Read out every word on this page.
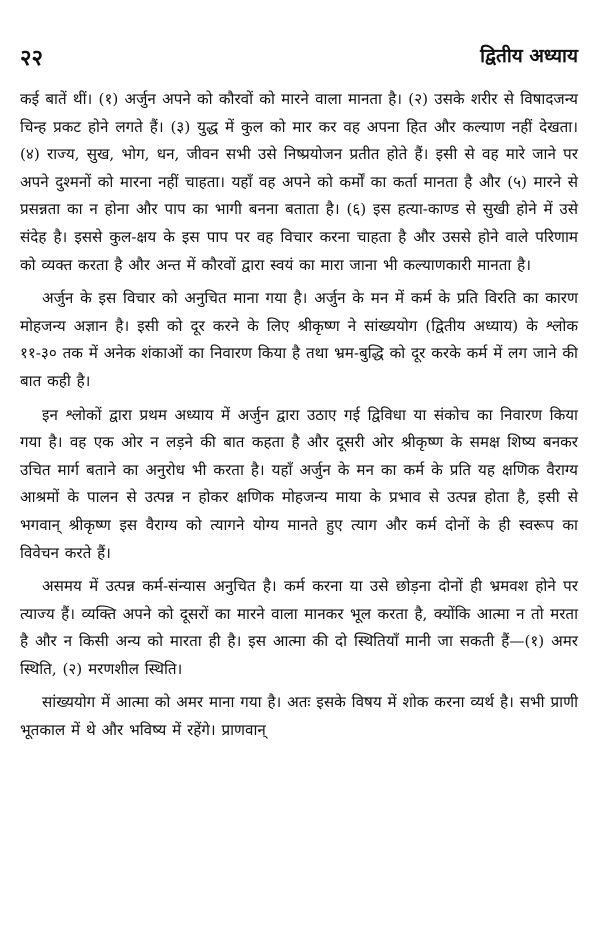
२२	द्वितीय अध्याय

कई बातें थीं। (१) अर्जुन अपने को कौरवों को मारने वाला मानता है। (२) उसके शरीर से विषादजन्य चिन्ह प्रकट होने लगते हैं। (३) युद्ध में कुल को मार कर वह अपना हित और कल्याण नहीं देखता। (४) राज्य, सुख, भोग, धन, जीवन सभी उसे निष्प्रयोजन प्रतीत होते हैं। इसी से वह मारे जाने पर अपने दुश्मनों को मारना नहीं चाहता। यहाँ वह अपने को कर्मों का कर्ता मानता है और (५) मारने से प्रसन्नता का न होना और पाप का भागी बनना बताता है। (६) इस हत्या-काण्ड से सुखी होने में उसे संदेह है। इससे कुल-क्षय के इस पाप पर वह विचार करना चाहता है और उससे होने वाले परिणाम को व्यक्त करता है और अन्त में कौरवों द्वारा स्वयं का मारा जाना भी कल्याणकारी मानता है।

अर्जुन के इस विचार को अनुचित माना गया है। अर्जुन के मन में कर्म के प्रति विरति का कारण मोहजन्य अज्ञान है। इसी को दूर करने के लिए श्रीकृष्ण ने सांख्ययोग (द्वितीय अध्याय) के श्लोक ११-३० तक में अनेक शंकाओं का निवारण किया है तथा भ्रम-बुद्धि को दूर करके कर्म में लग जाने की बात कही है।

इन श्लोकों द्वारा प्रथम अध्याय में अर्जुन द्वारा उठाए गई द्विविधा या संकोच का निवारण किया गया है। वह एक ओर न लड़ने की बात कहता है और दूसरी ओर श्रीकृष्ण के समक्ष शिष्य बनकर उचित मार्ग बताने का अनुरोध भी करता है। यहाँ अर्जुन के मन का कर्म के प्रति यह क्षणिक वैराग्य आश्रमों के पालन से उत्पन्न न होकर क्षणिक मोहजन्य माया के प्रभाव से उत्पन्न होता है, इसी से भगवान् श्रीकृष्ण इस वैराग्य को त्यागने योग्य मानते हुए त्याग और कर्म दोनों के ही स्वरूप का विवेचन करते हैं।

असमय में उत्पन्न कर्म-संन्यास अनुचित है। कर्म करना या उसे छोड़ना दोनों ही भ्रमवश होने पर त्याज्य हैं। व्यक्ति अपने को दूसरों का मारने वाला मानकर भूल करता है, क्योंकि आत्मा न तो मरता है और न किसी अन्य को मारता ही है। इस आत्मा की दो स्थितियाँ मानी जा सकती हैं—(१) अमर स्थिति, (२) मरणशील स्थिति।

सांख्ययोग में आत्मा को अमर माना गया है। अतः इसके विषय में शोक करना व्यर्थ है। सभी प्राणी भूतकाल में थे और भविष्य में रहेंगे। प्राणवान्
